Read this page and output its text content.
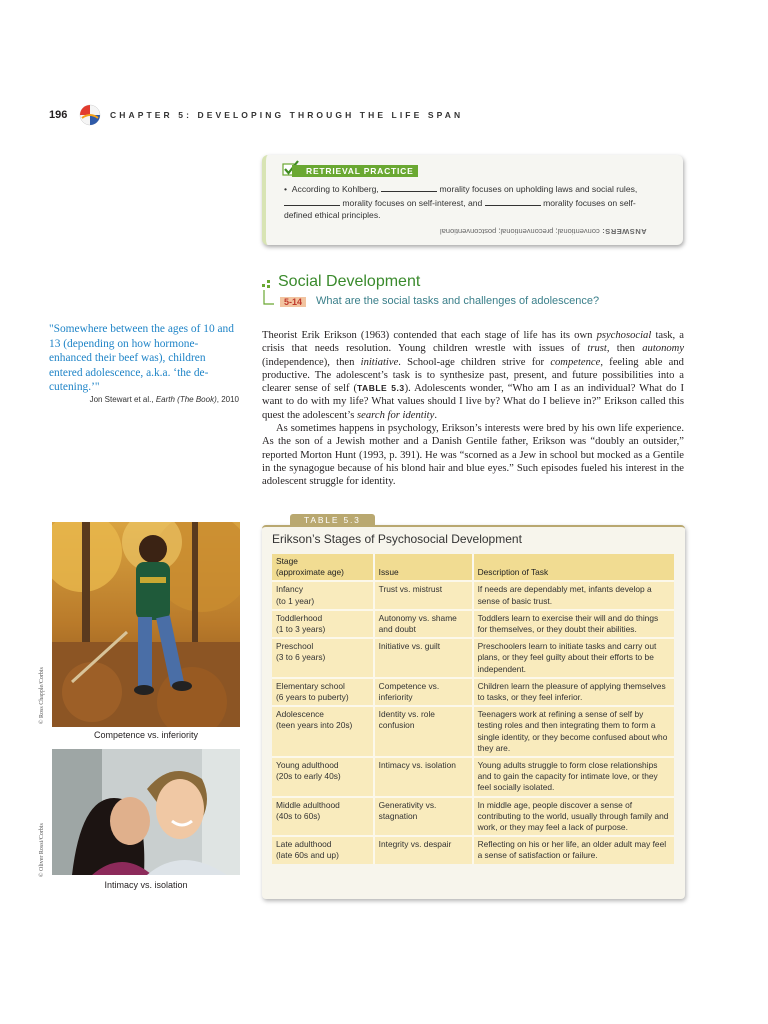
196	CHAPTER 5: DEVELOPING THROUGH THE LIFE SPAN
RETRIEVAL PRACTICE
•  According to Kohlberg,	morality focuses on upholding laws and social rules,  morality focuses on self-interest, and	morality focuses on self-defined ethical principles.
ANSWERS: conventional; preconventional; postconventional
Social Development
5-14	What are the social tasks and challenges of adolescence?
"Somewhere between the ages of 10 and 13 (depending on how hormone-enhanced their beef was), children entered adolescence, a.k.a. ‘the de-cutening.’"
Jon Stewart et al., Earth (The Book), 2010

Theorist Erik Erikson (1963) contended that each stage of life has its own psychosocial task, a crisis that needs resolution. Young children wrestle with issues of trust, then autonomy (independence), then initiative. School-age children strive for competence, feeling able and productive. The adolescent’s task is to synthesize past, present, and future possibilities into a clearer sense of self (TABLE 5.3). Adolescents wonder, “Who am I as an individual? What do I want to do with my life? What values should I live by? What do I believe in?” Erikson called this quest the adolescent’s search for identity.

As sometimes happens in psychology, Erikson’s interests were bred by his own life experience. As the son of a Jewish mother and a Danish Gentile father, Erikson was “doubly an outsider,” reported Morton Hunt (1993, p. 391). He was “scorned as a Jew in school but mocked as a Gentile in the synagogue because of his blond hair and blue eyes.” Such episodes fueled his interest in the adolescent struggle for identity.

© Ross Chapple/Corbis
Competence vs. inferiority
© Oliver Rossi/Corbis
Intimacy vs. isolation
TABLE 5.3
Erikson’s Stages of Psychosocial Development
Stage
(approximate age)	Issue	Description of Task
Infancy
(to 1 year)	Trust vs. mistrust	If needs are dependably met, infants develop a sense of basic trust.
Toddlerhood
(1 to 3 years)	Autonomy vs. shame and doubt	Toddlers learn to exercise their will and do things for themselves, or they doubt their abilities.
Preschool
(3 to 6 years)	Initiative vs. guilt	Preschoolers learn to initiate tasks and carry out plans, or they feel guilty about their efforts to be independent.
Elementary school
(6 years to puberty)	Competence vs. inferiority	Children learn the pleasure of applying themselves to tasks, or they feel inferior.
Adolescence
(teen years into 20s)	Identity vs. role confusion	Teenagers work at refining a sense of self by testing roles and then integrating them to form a single identity, or they become confused about who they are.
Young adulthood
(20s to early 40s)	Intimacy vs. isolation	Young adults struggle to form close relationships and to gain the capacity for intimate love, or they feel socially isolated.
Middle adulthood
(40s to 60s)	Generativity vs. stagnation	In middle age, people discover a sense of contributing to the world, usually through family and work, or they may feel a lack of purpose.
Late adulthood
(late 60s and up)	Integrity vs. despair	Reflecting on his or her life, an older adult may feel a sense of satisfaction or failure.
